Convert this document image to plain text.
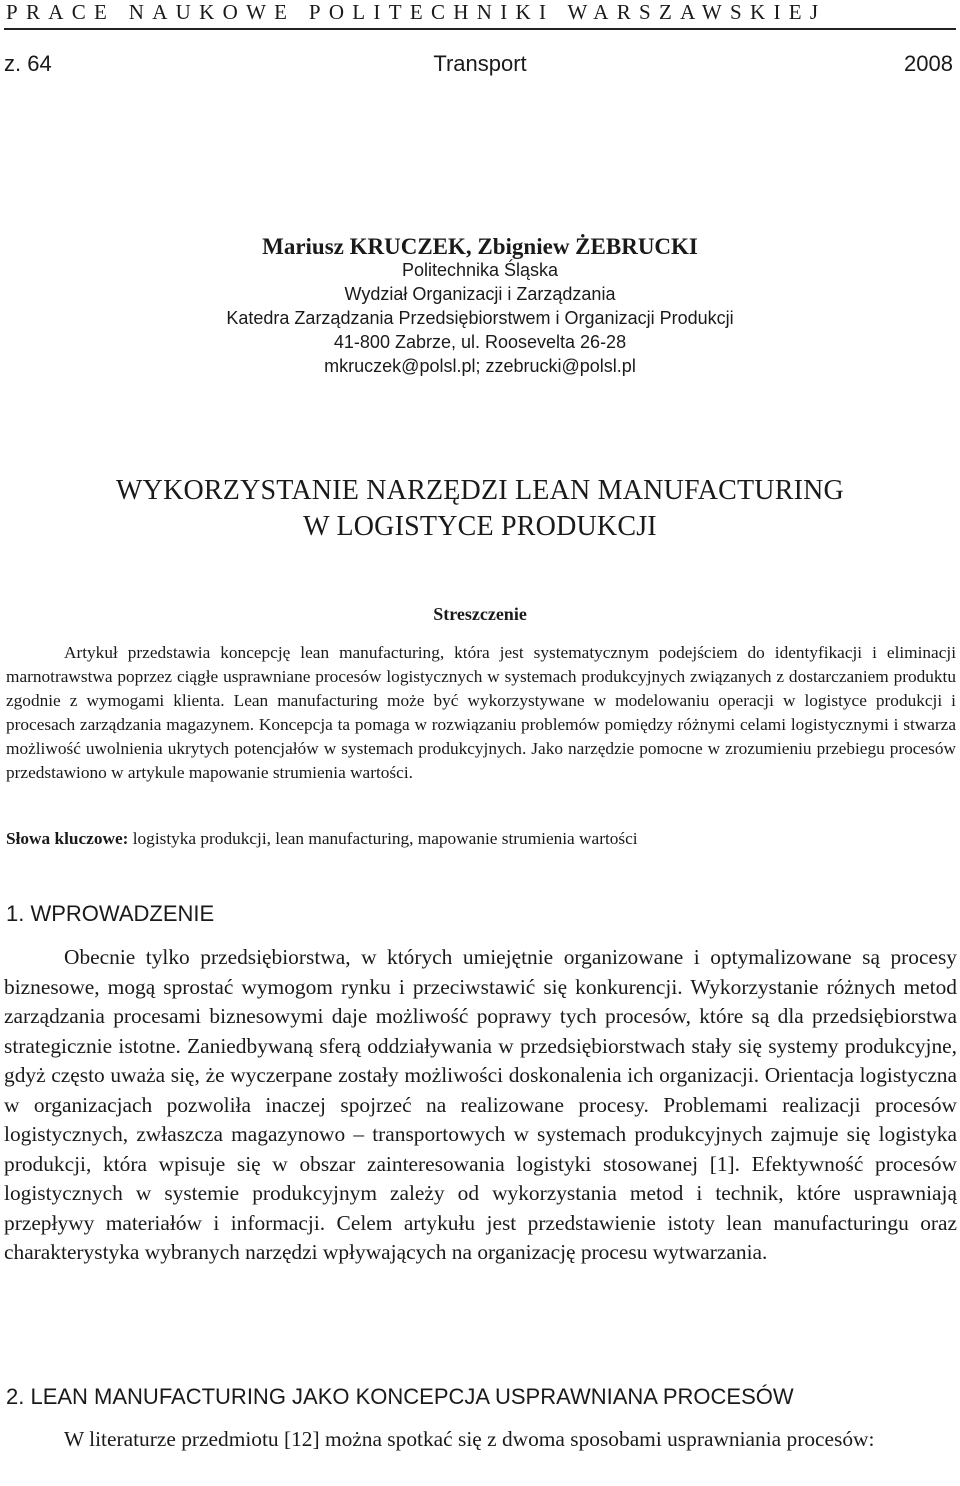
PRACE NAUKOWE POLITECHNIKI WARSZAWSKIEJ
Transport
z. 64	2008
Mariusz KRUCZEK, Zbigniew ŻEBRUCKI
Politechnika Śląska
Wydział Organizacji i Zarządzania
Katedra Zarządzania Przedsiębiorstwem i Organizacji Produkcji
41-800 Zabrze, ul. Roosevelta 26-28
mkruczek@polsl.pl; zzebrucki@polsl.pl
WYKORZYSTANIE NARZĘDZI LEAN MANUFACTURING
W LOGISTYCE PRODUKCJI
Streszczenie
Artykuł przedstawia koncepcję lean manufacturing, która jest systematycznym podejściem do identyfikacji i eliminacji marnotrawstwa poprzez ciągłe usprawniane procesów logistycznych w systemach produkcyjnych związanych z dostarczaniem produktu zgodnie z wymogami klienta. Lean manufacturing może być wykorzystywane w modelowaniu operacji w logistyce produkcji i procesach zarządzania magazynem. Koncepcja ta pomaga w rozwiązaniu problemów pomiędzy różnymi celami logistycznymi i stwarza możliwość uwolnienia ukrytych potencjałów w systemach produkcyjnych. Jako narzędzie pomocne w zrozumieniu przebiegu procesów przedstawiono w artykule mapowanie strumienia wartości.
Słowa kluczowe: logistyka produkcji, lean manufacturing, mapowanie strumienia wartości
1. WPROWADZENIE
Obecnie tylko przedsiębiorstwa, w których umiejętnie organizowane i optymalizowane są procesy biznesowe, mogą sprostać wymogom rynku i przeciwstawić się konkurencji. Wykorzystanie różnych metod zarządzania procesami biznesowymi daje możliwość poprawy tych procesów, które są dla przedsiębiorstwa strategicznie istotne. Zaniedbywaną sferą oddziaływania w przedsiębiorstwach stały się systemy produkcyjne, gdyż często uważa się, że wyczerpane zostały możliwości doskonalenia ich organizacji. Orientacja logistyczna w organizacjach pozwoliła inaczej spojrzeć na realizowane procesy. Problemami realizacji procesów logistycznych, zwłaszcza magazynowo – transportowych w systemach produkcyjnych zajmuje się logistyka produkcji, która wpisuje się w obszar zainteresowania logistyki stosowanej [1]. Efektywność procesów logistycznych w systemie produkcyjnym zależy od wykorzystania metod i technik, które usprawniają przepływy materiałów i informacji. Celem artykułu jest przedstawienie istoty lean manufacturingu oraz charakterystyka wybranych narzędzi wpływających na organizację procesu wytwarzania.
2. LEAN MANUFACTURING JAKO KONCEPCJA USPRAWNIANA PROCESÓW
W literaturze przedmiotu [12] można spotkać się z dwoma sposobami usprawniania procesów:
